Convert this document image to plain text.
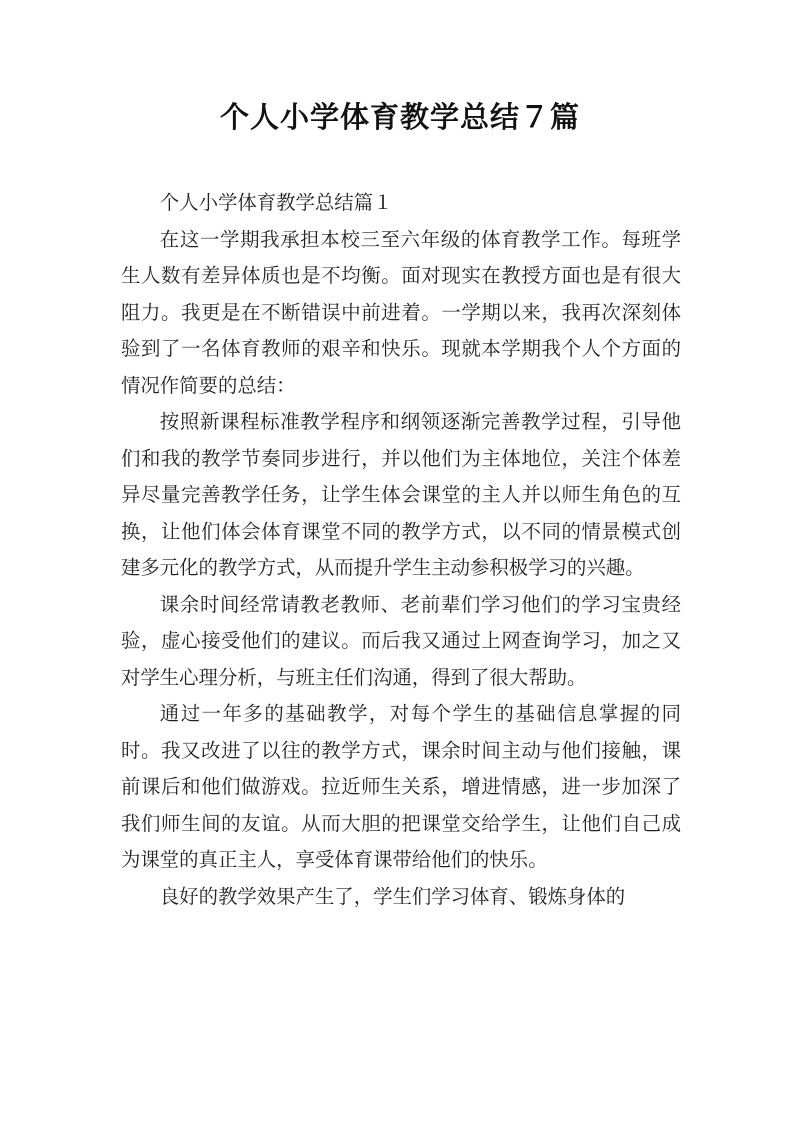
个人小学体育教学总结７篇

个人小学体育教学总结篇１

在这一学期我承担本校三至六年级的体育教学工作。每班学生人数有差异体质也是不均衡。面对现实在教授方面也是有很大阻力。我更是在不断错误中前进着。一学期以来，我再次深刻体验到了一名体育教师的艰辛和快乐。现就本学期我个人个方面的情况作简要的总结：

按照新课程标准教学程序和纲领逐渐完善教学过程，引导他们和我的教学节奏同步进行，并以他们为主体地位，关注个体差异尽量完善教学任务，让学生体会课堂的主人并以师生角色的互换，让他们体会体育课堂不同的教学方式，以不同的情景模式创建多元化的教学方式，从而提升学生主动参积极学习的兴趣。

课余时间经常请教老教师、老前辈们学习他们的学习宝贵经验，虚心接受他们的建议。而后我又通过上网查询学习，加之又对学生心理分析，与班主任们沟通，得到了很大帮助。

通过一年多的基础教学，对每个学生的基础信息掌握的同时。我又改进了以往的教学方式，课余时间主动与他们接触，课前课后和他们做游戏。拉近师生关系，增进情感，进一步加深了我们师生间的友谊。从而大胆的把课堂交给学生，让他们自己成为课堂的真正主人，享受体育课带给他们的快乐。

良好的教学效果产生了，学生们学习体育、锻炼身体的
